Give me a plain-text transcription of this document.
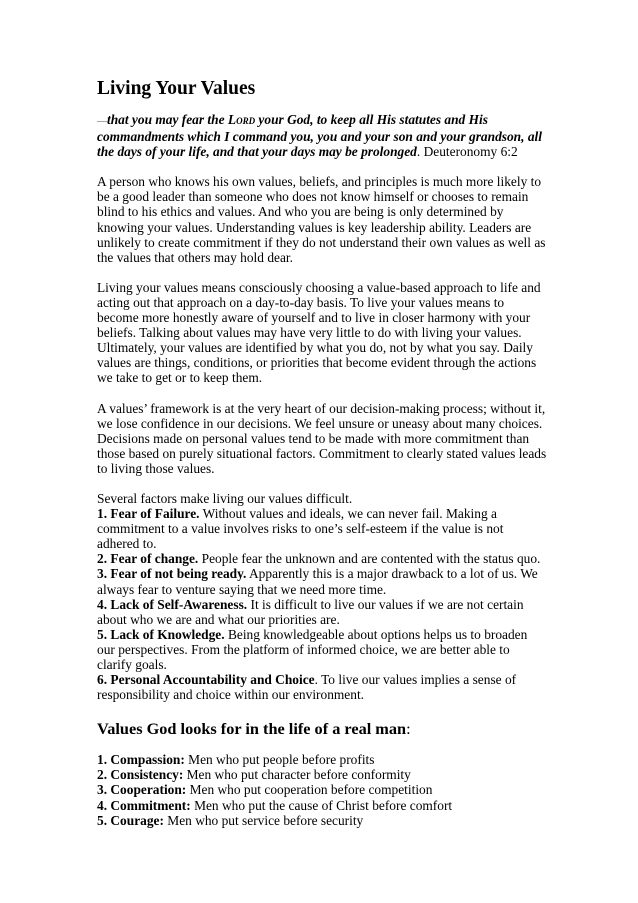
Living Your Values

—that you may fear the Lord your God, to keep all His statutes and His commandments which I command you, you and your son and your grandson, all the days of your life, and that your days may be prolonged. Deuteronomy 6:2

A person who knows his own values, beliefs, and principles is much more likely to be a good leader than someone who does not know himself or chooses to remain blind to his ethics and values. And who you are being is only determined by knowing your values. Understanding values is key leadership ability. Leaders are unlikely to create commitment if they do not understand their own values as well as the values that others may hold dear.

Living your values means consciously choosing a value-based approach to life and acting out that approach on a day-to-day basis. To live your values means to become more honestly aware of yourself and to live in closer harmony with your beliefs. Talking about values may have very little to do with living your values. Ultimately, your values are identified by what you do, not by what you say. Daily values are things, conditions, or priorities that become evident through the actions we take to get or to keep them.

A values’ framework is at the very heart of our decision-making process; without it, we lose confidence in our decisions. We feel unsure or uneasy about many choices. Decisions made on personal values tend to be made with more commitment than those based on purely situational factors. Commitment to clearly stated values leads to living those values.

Several factors make living our values difficult.

1. Fear of Failure. Without values and ideals, we can never fail. Making a commitment to a value involves risks to one’s self-esteem if the value is not adhered to.

2. Fear of change. People fear the unknown and are contented with the status quo.

3. Fear of not being ready. Apparently this is a major drawback to a lot of us. We always fear to venture saying that we need more time.

4. Lack of Self-Awareness. It is difficult to live our values if we are not certain about who we are and what our priorities are.

5. Lack of Knowledge. Being knowledgeable about options helps us to broaden our perspectives. From the platform of informed choice, we are better able to clarify goals.

6. Personal Accountability and Choice. To live our values implies a sense of responsibility and choice within our environment.

Values God looks for in the life of a real man:

1. Compassion: Men who put people before profits

2. Consistency: Men who put character before conformity

3. Cooperation: Men who put cooperation before competition

4. Commitment: Men who put the cause of Christ before comfort

5. Courage: Men who put service before security
